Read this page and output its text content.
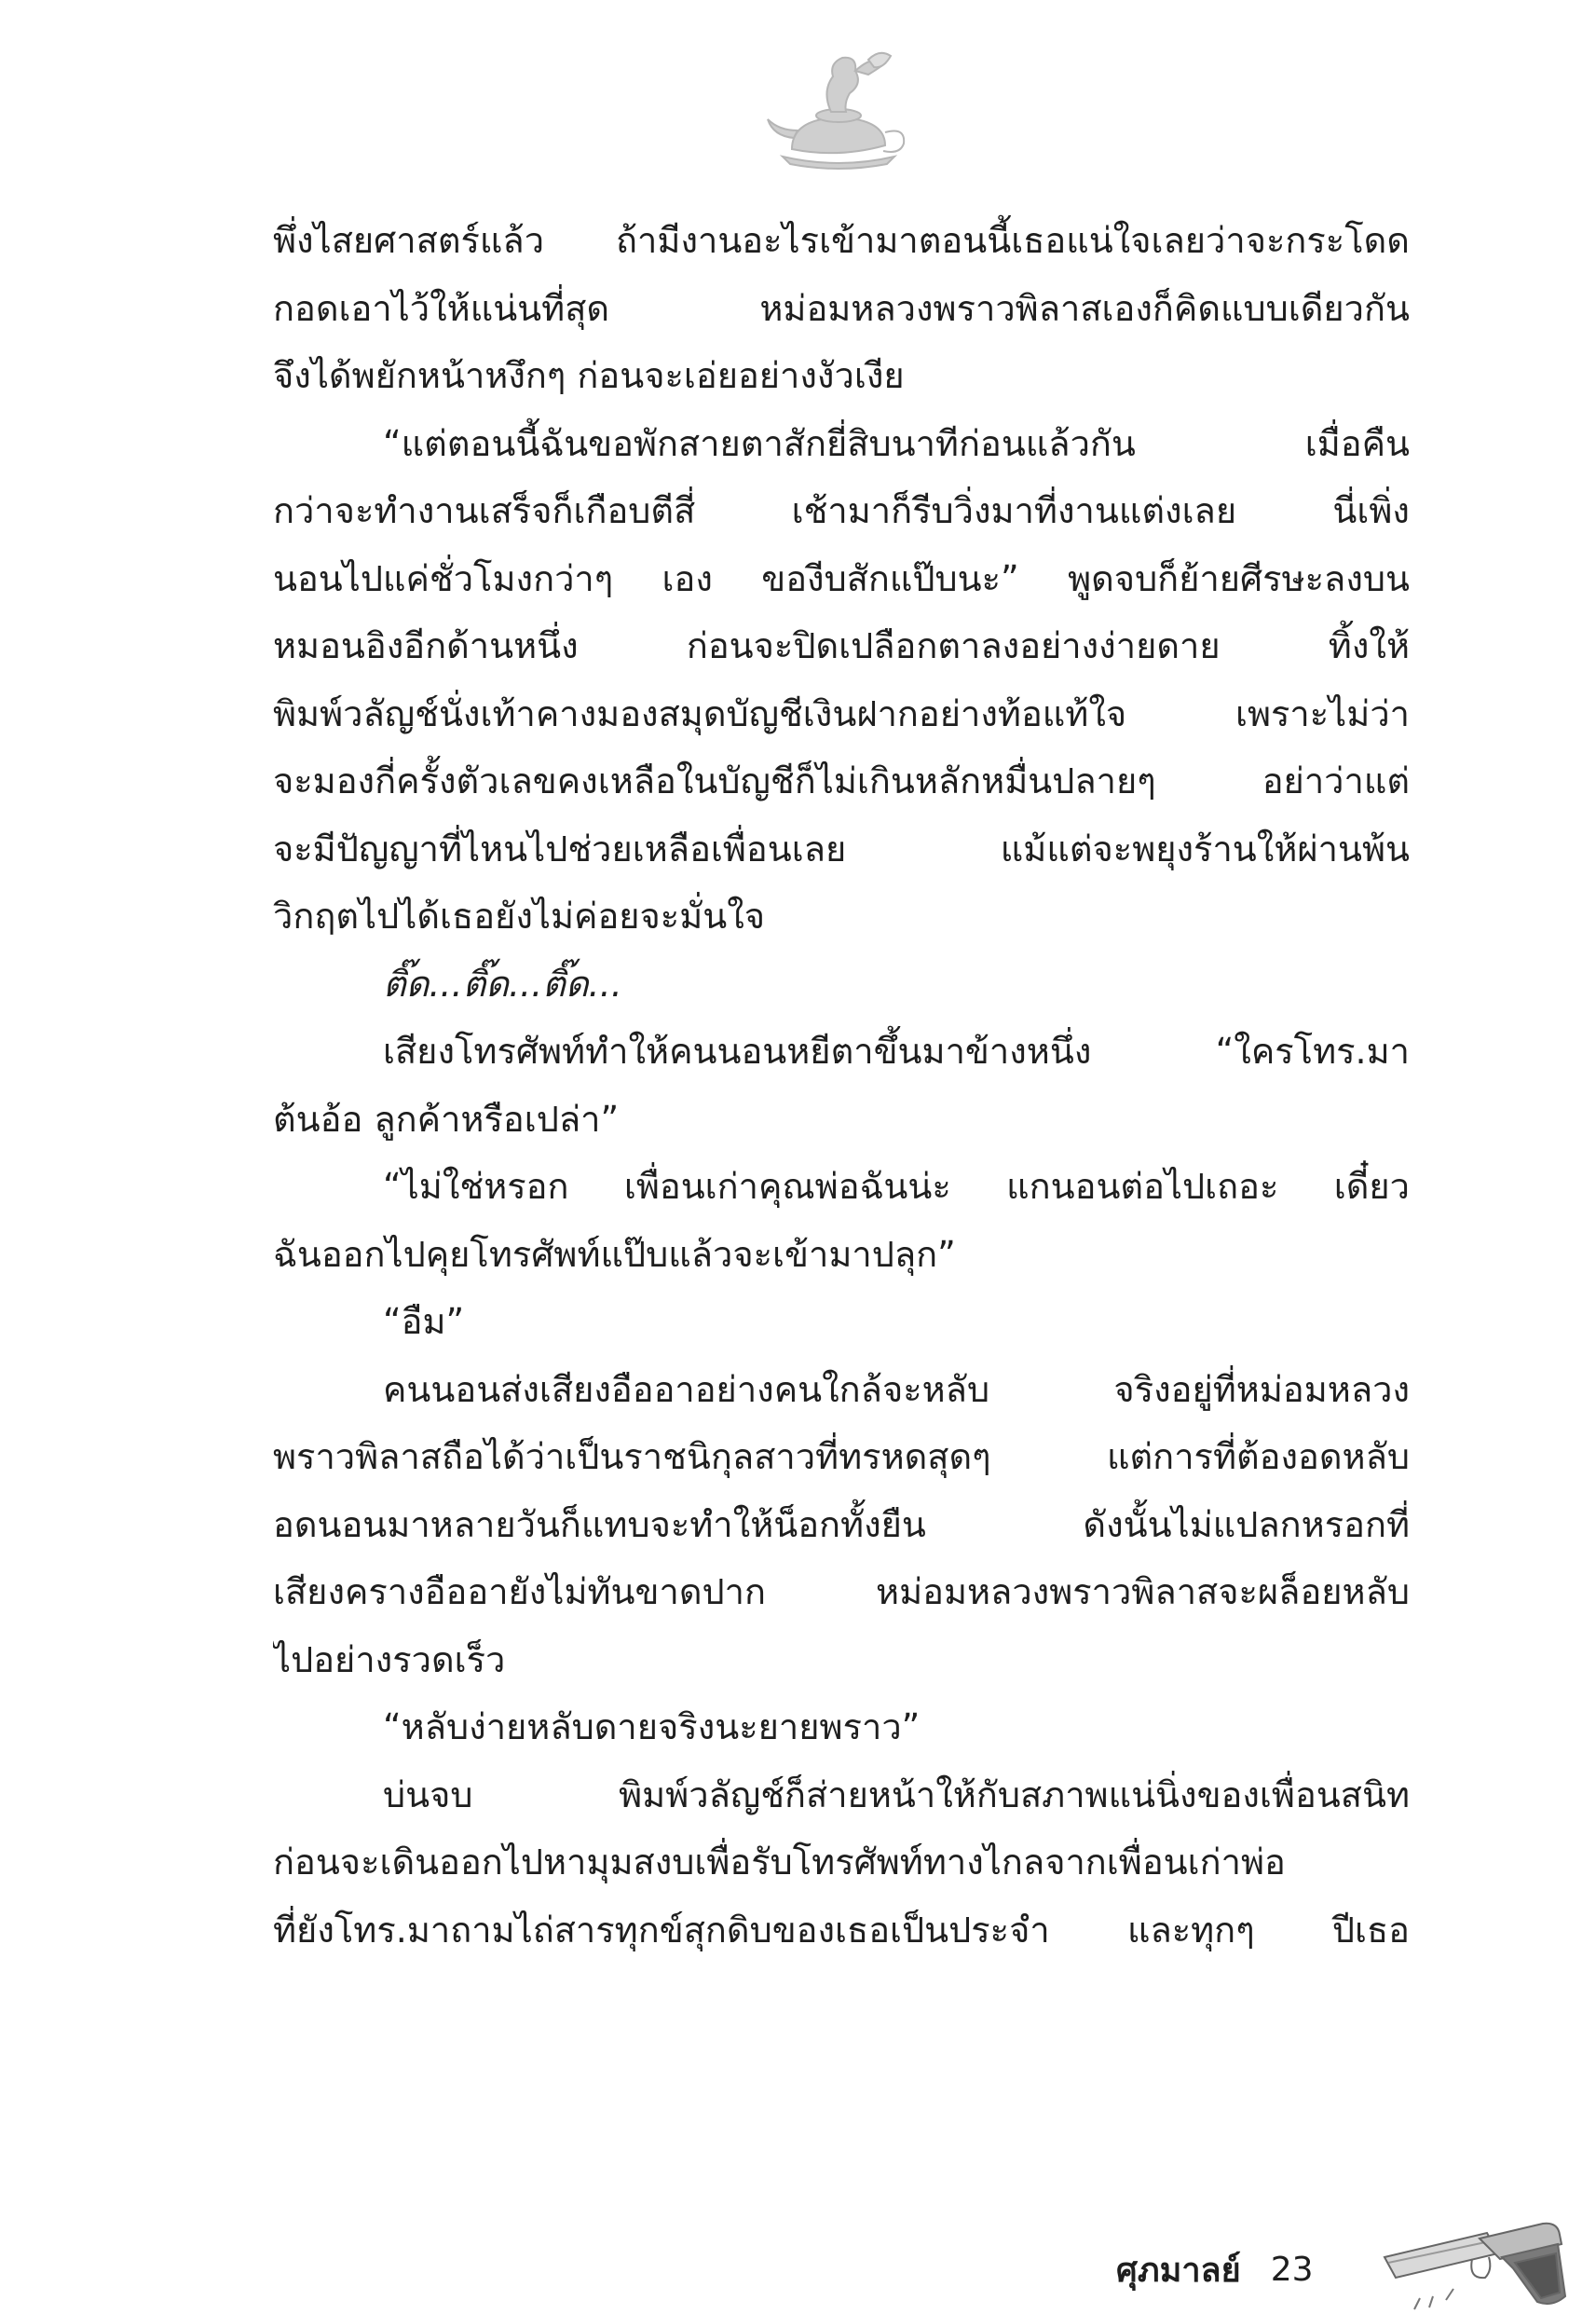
พึ่งไสยศาสตร์แล้ว ถ้ามีงานอะไรเข้ามาตอนนี้เธอแน่ใจเลยว่าจะกระโดด
กอดเอาไว้ให้แน่นที่สุด หม่อมหลวงพราวพิลาสเองก็คิดแบบเดียวกัน
จึงได้พยักหน้าหงึกๆ ก่อนจะเอ่ยอย่างงัวเงีย
“แต่ตอนนี้ฉันขอพักสายตาสักยี่สิบนาทีก่อนแล้วกัน เมื่อคืน
กว่าจะทำงานเสร็จก็เกือบตีสี่ เช้ามาก็รีบวิ่งมาที่งานแต่งเลย นี่เพิ่ง
นอนไปแค่ชั่วโมงกว่าๆ เอง ของีบสักแป๊บนะ” พูดจบก็ย้ายศีรษะลงบน
หมอนอิงอีกด้านหนึ่ง ก่อนจะปิดเปลือกตาลงอย่างง่ายดาย ทิ้งให้
พิมพ์วลัญช์นั่งเท้าคางมองสมุดบัญชีเงินฝากอย่างท้อแท้ใจ เพราะไม่ว่า
จะมองกี่ครั้งตัวเลขคงเหลือในบัญชีก็ไม่เกินหลักหมื่นปลายๆ อย่าว่าแต่
จะมีปัญญาที่ไหนไปช่วยเหลือเพื่อนเลย แม้แต่จะพยุงร้านให้ผ่านพ้น
วิกฤตไปได้เธอยังไม่ค่อยจะมั่นใจ
ติ๊ด...ติ๊ด...ติ๊ด...
เสียงโทรศัพท์ทำให้คนนอนหยีตาขึ้นมาข้างหนึ่ง “ใครโทร.มา
ต้นอ้อ ลูกค้าหรือเปล่า”
“ไม่ใช่หรอก เพื่อนเก่าคุณพ่อฉันน่ะ แกนอนต่อไปเถอะ เดี๋ยว
ฉันออกไปคุยโทรศัพท์แป๊บแล้วจะเข้ามาปลุก”
“อืม”
คนนอนส่งเสียงอืออาอย่างคนใกล้จะหลับ จริงอยู่ที่หม่อมหลวง
พราวพิลาสถือได้ว่าเป็นราชนิกุลสาวที่ทรหดสุดๆ แต่การที่ต้องอดหลับ
อดนอนมาหลายวันก็แทบจะทำให้น็อกทั้งยืน ดังนั้นไม่แปลกหรอกที่
เสียงครางอืออายังไม่ทันขาดปาก หม่อมหลวงพราวพิลาสจะผล็อยหลับ
ไปอย่างรวดเร็ว
“หลับง่ายหลับดายจริงนะยายพราว”
บ่นจบ พิมพ์วลัญช์ก็ส่ายหน้าให้กับสภาพแน่นิ่งของเพื่อนสนิท
ก่อนจะเดินออกไปหามุมสงบเพื่อรับโทรศัพท์ทางไกลจากเพื่อนเก่าพ่อ
ที่ยังโทร.มาถามไถ่สารทุกข์สุกดิบของเธอเป็นประจำ และทุกๆ ปีเธอ
ศุภมาลย์ 23
